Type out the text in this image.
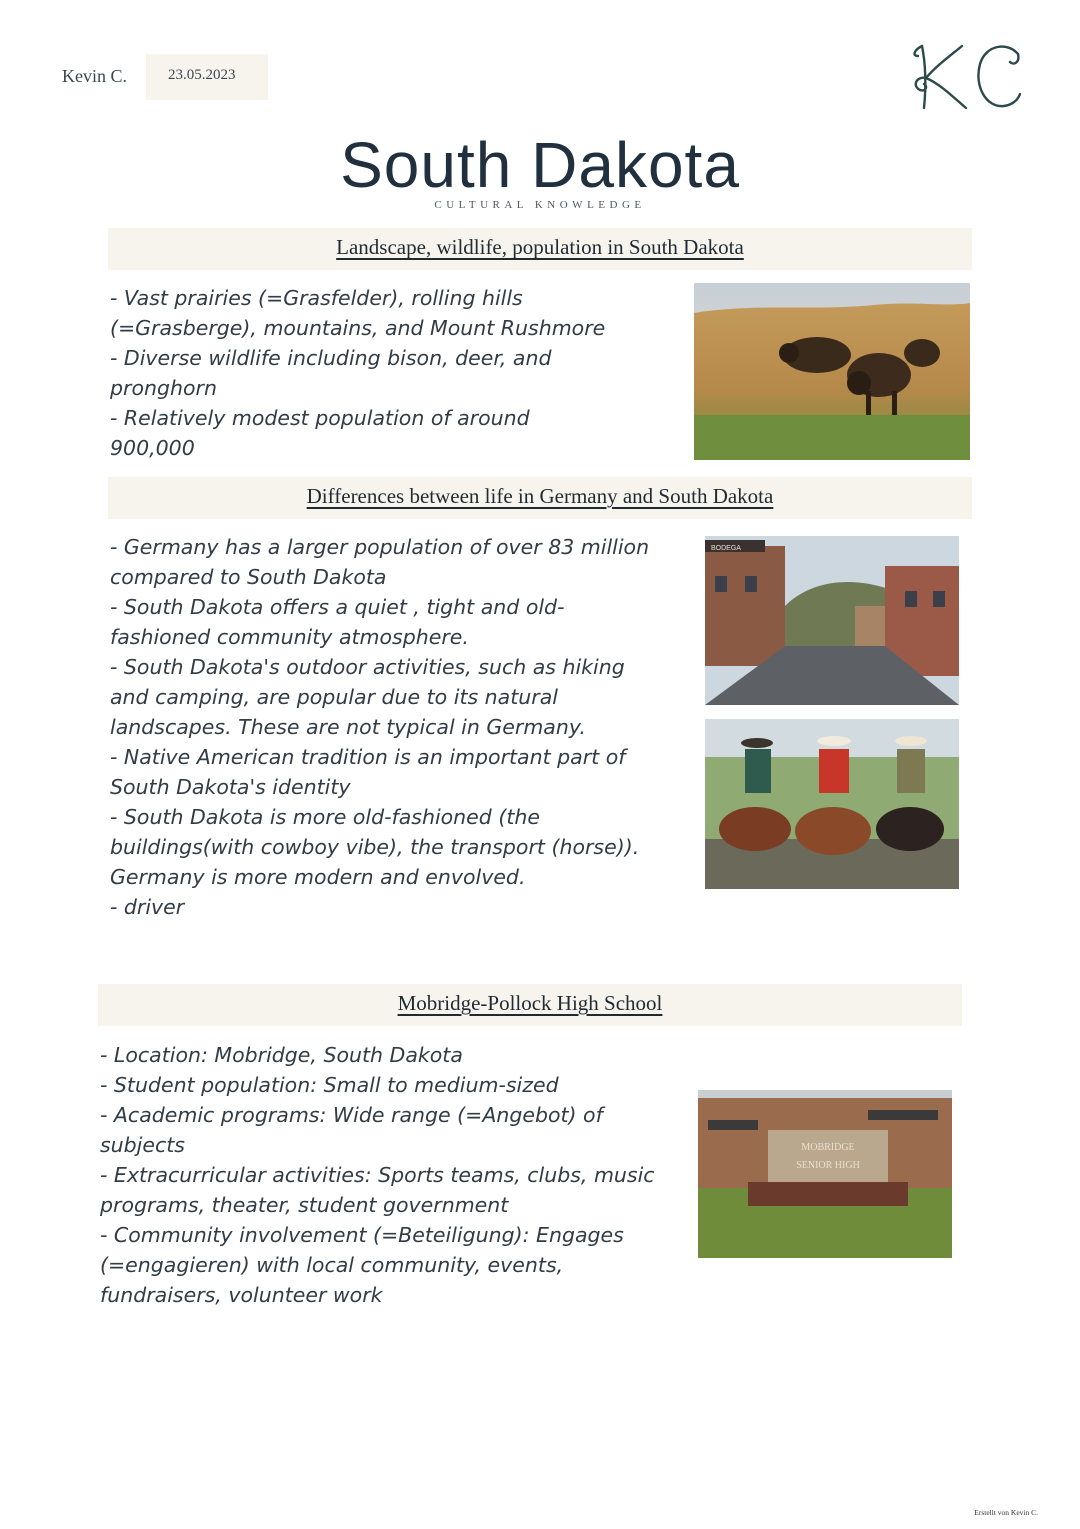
Kevin C.	23.05.2023
South Dakota
CULTURAL KNOWLEDGE
Landscape, wildlife, population in South Dakota
- Vast prairies (=Grasfelder), rolling hills
(=Grasberge), mountains, and Mount Rushmore
- Diverse wildlife including bison, deer, and
pronghorn
- Relatively modest population of around
900,000
Differences between life in Germany and South Dakota
- Germany has a larger population of over 83 million
compared to South Dakota
- South Dakota offers a quiet , tight and old-
fashioned community atmosphere.
- South Dakota's outdoor activities, such as hiking
and camping, are popular due to its natural
landscapes. These are not typical in Germany.
- Native American tradition is an important part of
South Dakota's identity
- South Dakota is more old-fashioned (the
buildings(with cowboy vibe), the transport (horse)).
Germany is more modern and envolved.
- driver
BODEGA
Mobridge-Pollock High School
- Location: Mobridge, South Dakota
- Student population: Small to medium-sized
- Academic programs: Wide range (=Angebot) of
subjects
- Extracurricular activities: Sports teams, clubs, music
programs, theater, student government
- Community involvement (=Beteiligung): Engages
(=engagieren) with local community, events,
fundraisers, volunteer work
MOBRIDGE
SENIOR HIGH
Erstellt von Kevin C.
